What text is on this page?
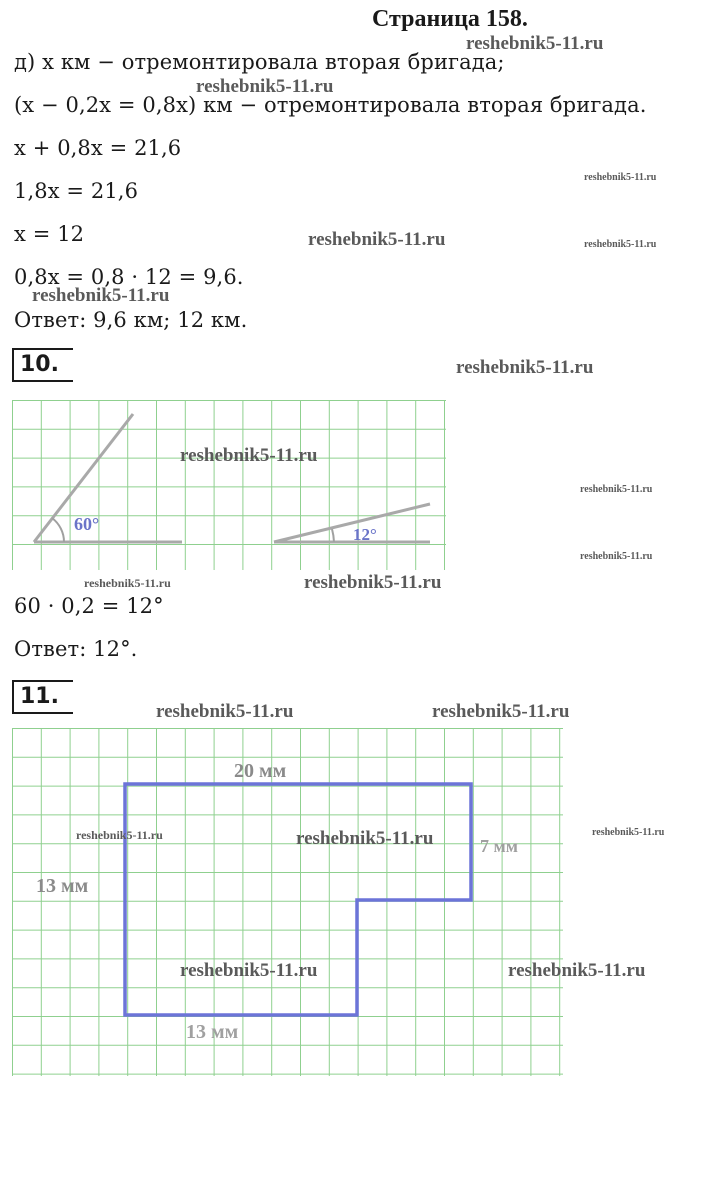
Страница 158.
д) x км − отремонтировала вторая бригада;
(x − 0,2x = 0,8x) км − отремонтировала вторая бригада.
x + 0,8x = 21,6
1,8x = 21,6
x = 12
0,8x = 0,8 · 12 = 9,6.
Ответ: 9,6 км; 12 км.
10.
60°
12°
60 · 0,2 = 12°
Ответ: 12°.
11.
20 мм
7 мм
13 мм
13 мм
reshebnik5-11.ru
reshebnik5-11.ru
reshebnik5-11.ru
reshebnik5-11.ru	reshebnik5-11.ru
reshebnik5-11.ru
reshebnik5-11.ru
reshebnik5-11.ru
reshebnik5-11.ru
reshebnik5-11.ru
reshebnik5-11.ru	reshebnik5-11.ru
reshebnik5-11.ru	reshebnik5-11.ru
reshebnik5-11.ru	reshebnik5-11.ru	reshebnik5-11.ru
reshebnik5-11.ru	reshebnik5-11.ru
